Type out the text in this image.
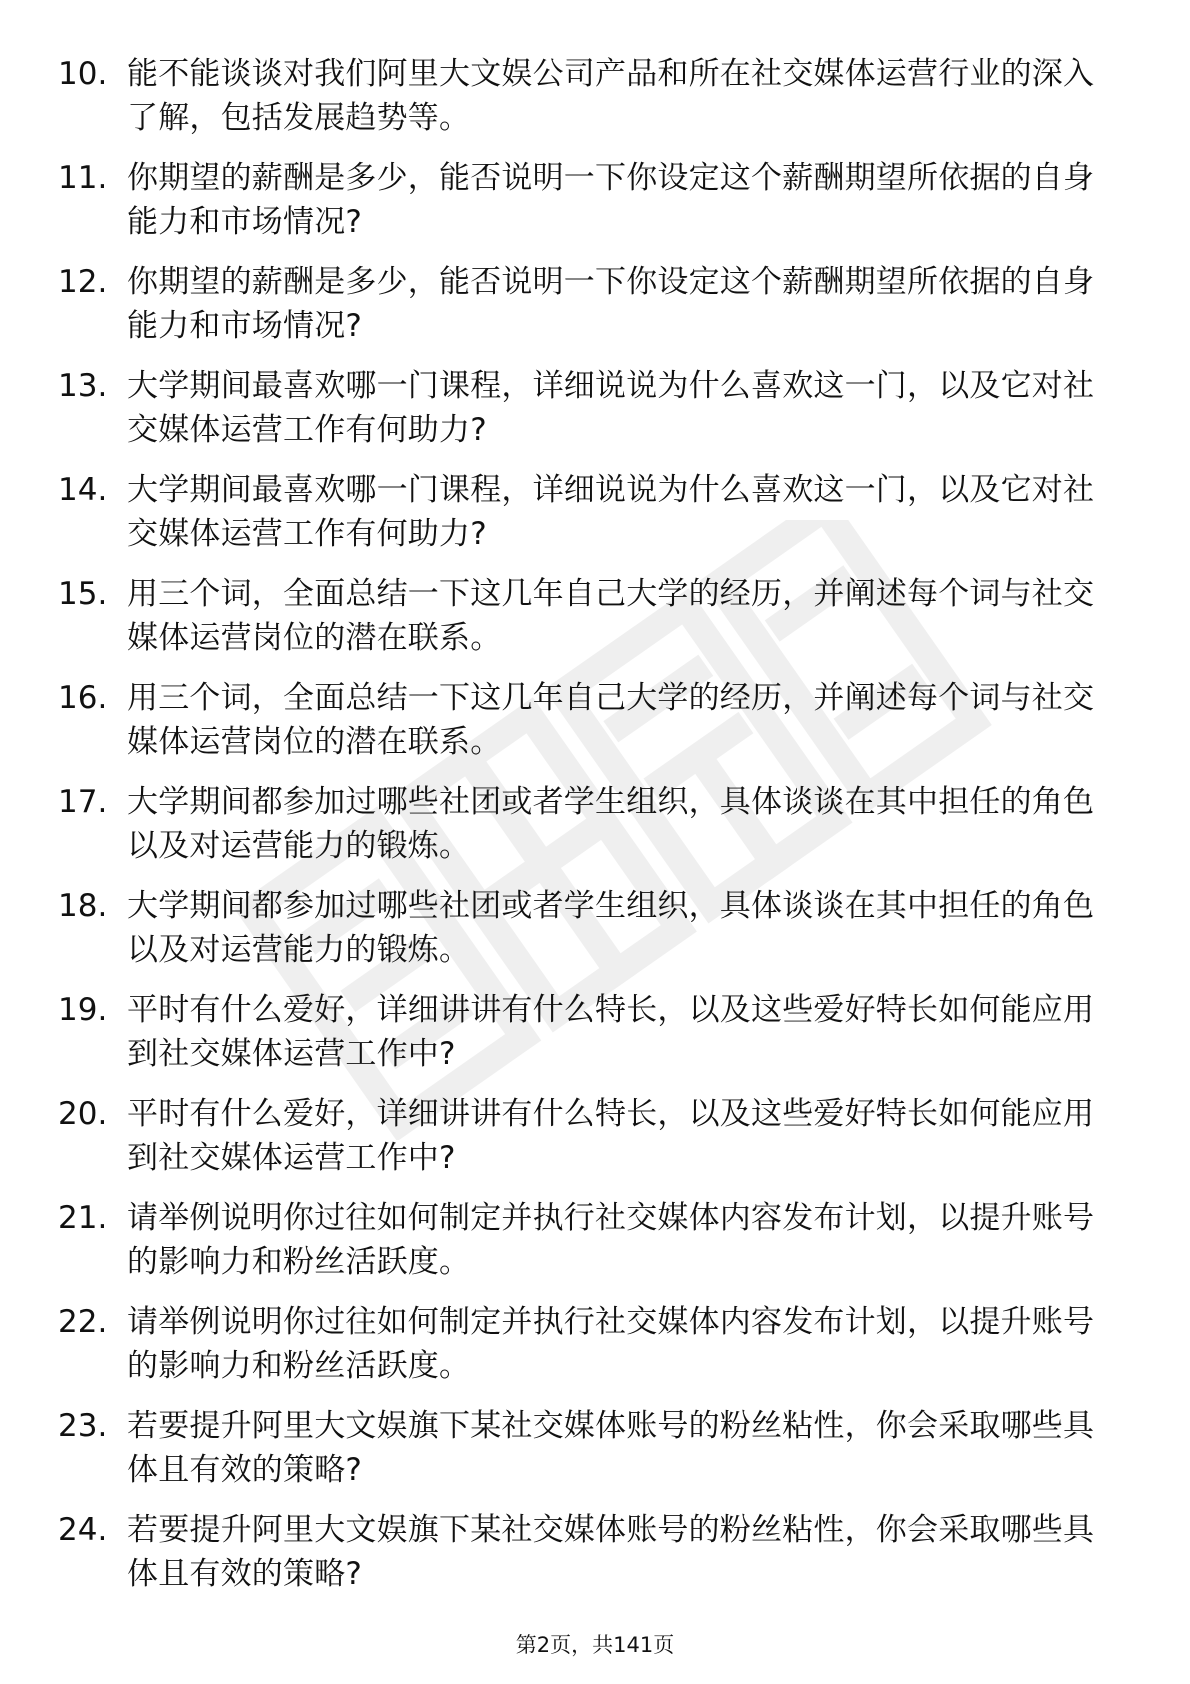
10. 能不能谈谈对我们阿里大文娱公司产品和所在社交媒体运营行业的深入了解，包括发展趋势等。
11. 你期望的薪酬是多少，能否说明一下你设定这个薪酬期望所依据的自身能力和市场情况?
12. 你期望的薪酬是多少，能否说明一下你设定这个薪酬期望所依据的自身能力和市场情况?
13. 大学期间最喜欢哪一门课程，详细说说为什么喜欢这一门，以及它对社交媒体运营工作有何助力?
14. 大学期间最喜欢哪一门课程，详细说说为什么喜欢这一门，以及它对社交媒体运营工作有何助力?
15. 用三个词，全面总结一下这几年自己大学的经历，并阐述每个词与社交媒体运营岗位的潜在联系。
16. 用三个词，全面总结一下这几年自己大学的经历，并阐述每个词与社交媒体运营岗位的潜在联系。
17. 大学期间都参加过哪些社团或者学生组织，具体谈谈在其中担任的角色以及对运营能力的锻炼。
18. 大学期间都参加过哪些社团或者学生组织，具体谈谈在其中担任的角色以及对运营能力的锻炼。
19. 平时有什么爱好，详细讲讲有什么特长，以及这些爱好特长如何能应用到社交媒体运营工作中?
20. 平时有什么爱好，详细讲讲有什么特长，以及这些爱好特长如何能应用到社交媒体运营工作中?
21. 请举例说明你过往如何制定并执行社交媒体内容发布计划，以提升账号的影响力和粉丝活跃度。
22. 请举例说明你过往如何制定并执行社交媒体内容发布计划，以提升账号的影响力和粉丝活跃度。
23. 若要提升阿里大文娱旗下某社交媒体账号的粉丝粘性，你会采取哪些具体且有效的策略?
24. 若要提升阿里大文娱旗下某社交媒体账号的粉丝粘性，你会采取哪些具体且有效的策略?
第2页，共141页
